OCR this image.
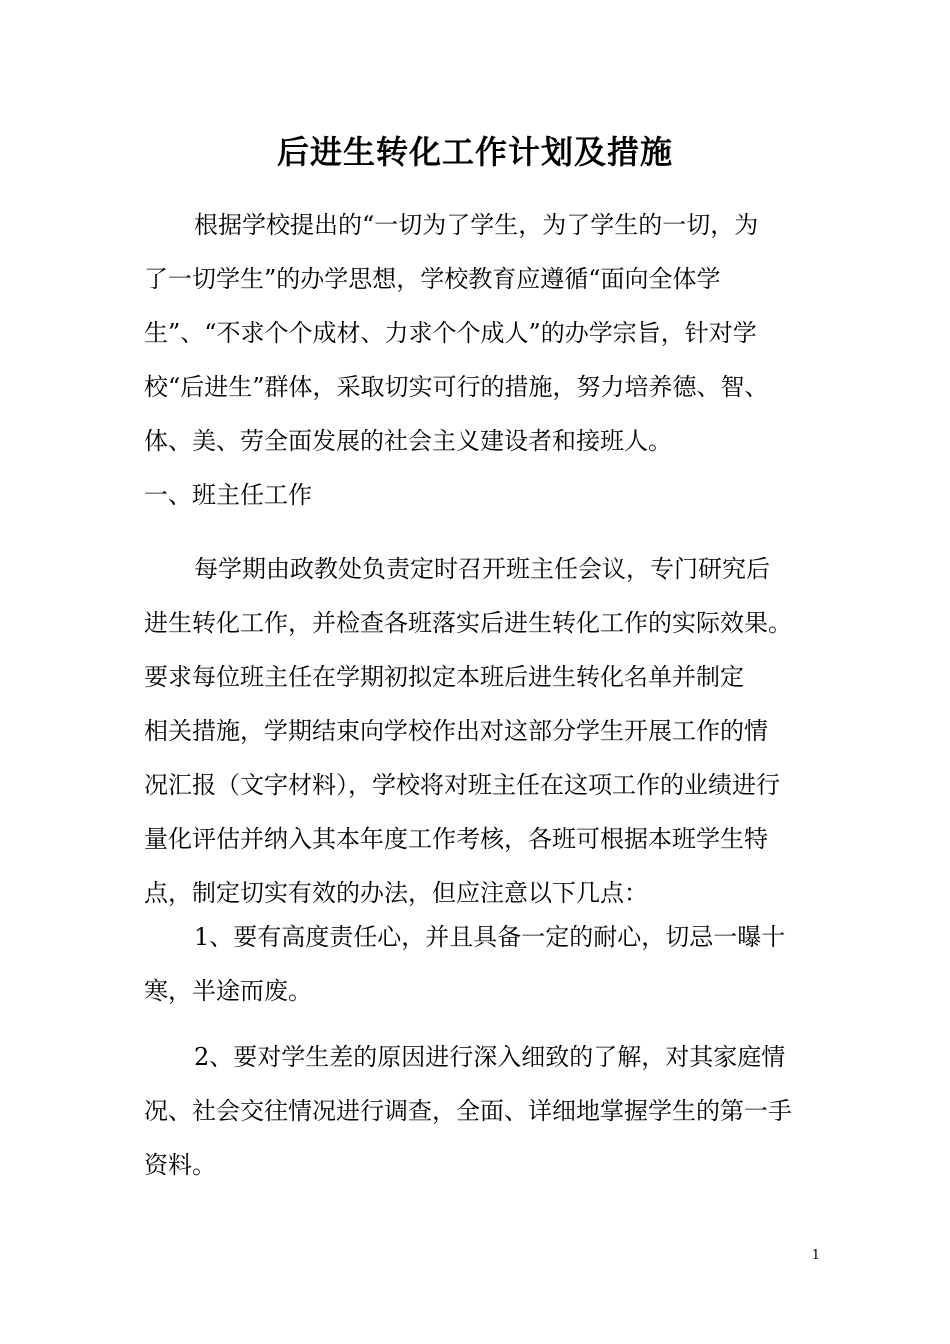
后进生转化工作计划及措施
根据学校提出的“一切为了学生，为了学生的一切，为
了一切学生”的办学思想，学校教育应遵循“面向全体学
生”、“不求个个成材、力求个个成人”的办学宗旨，针对学
校“后进生”群体，采取切实可行的措施，努力培养德、智、
体、美、劳全面发展的社会主义建设者和接班人。
一、班主任工作
每学期由政教处负责定时召开班主任会议，专门研究后
进生转化工作，并检查各班落实后进生转化工作的实际效果。
要求每位班主任在学期初拟定本班后进生转化名单并制定
相关措施，学期结束向学校作出对这部分学生开展工作的情
况汇报（文字材料），学校将对班主任在这项工作的业绩进行
量化评估并纳入其本年度工作考核，各班可根据本班学生特
点，制定切实有效的办法，但应注意以下几点：
1、要有高度责任心，并且具备一定的耐心，切忌一曝十
寒，半途而废。
2、要对学生差的原因进行深入细致的了解，对其家庭情
况、社会交往情况进行调查，全面、详细地掌握学生的第一手
资料。
1
